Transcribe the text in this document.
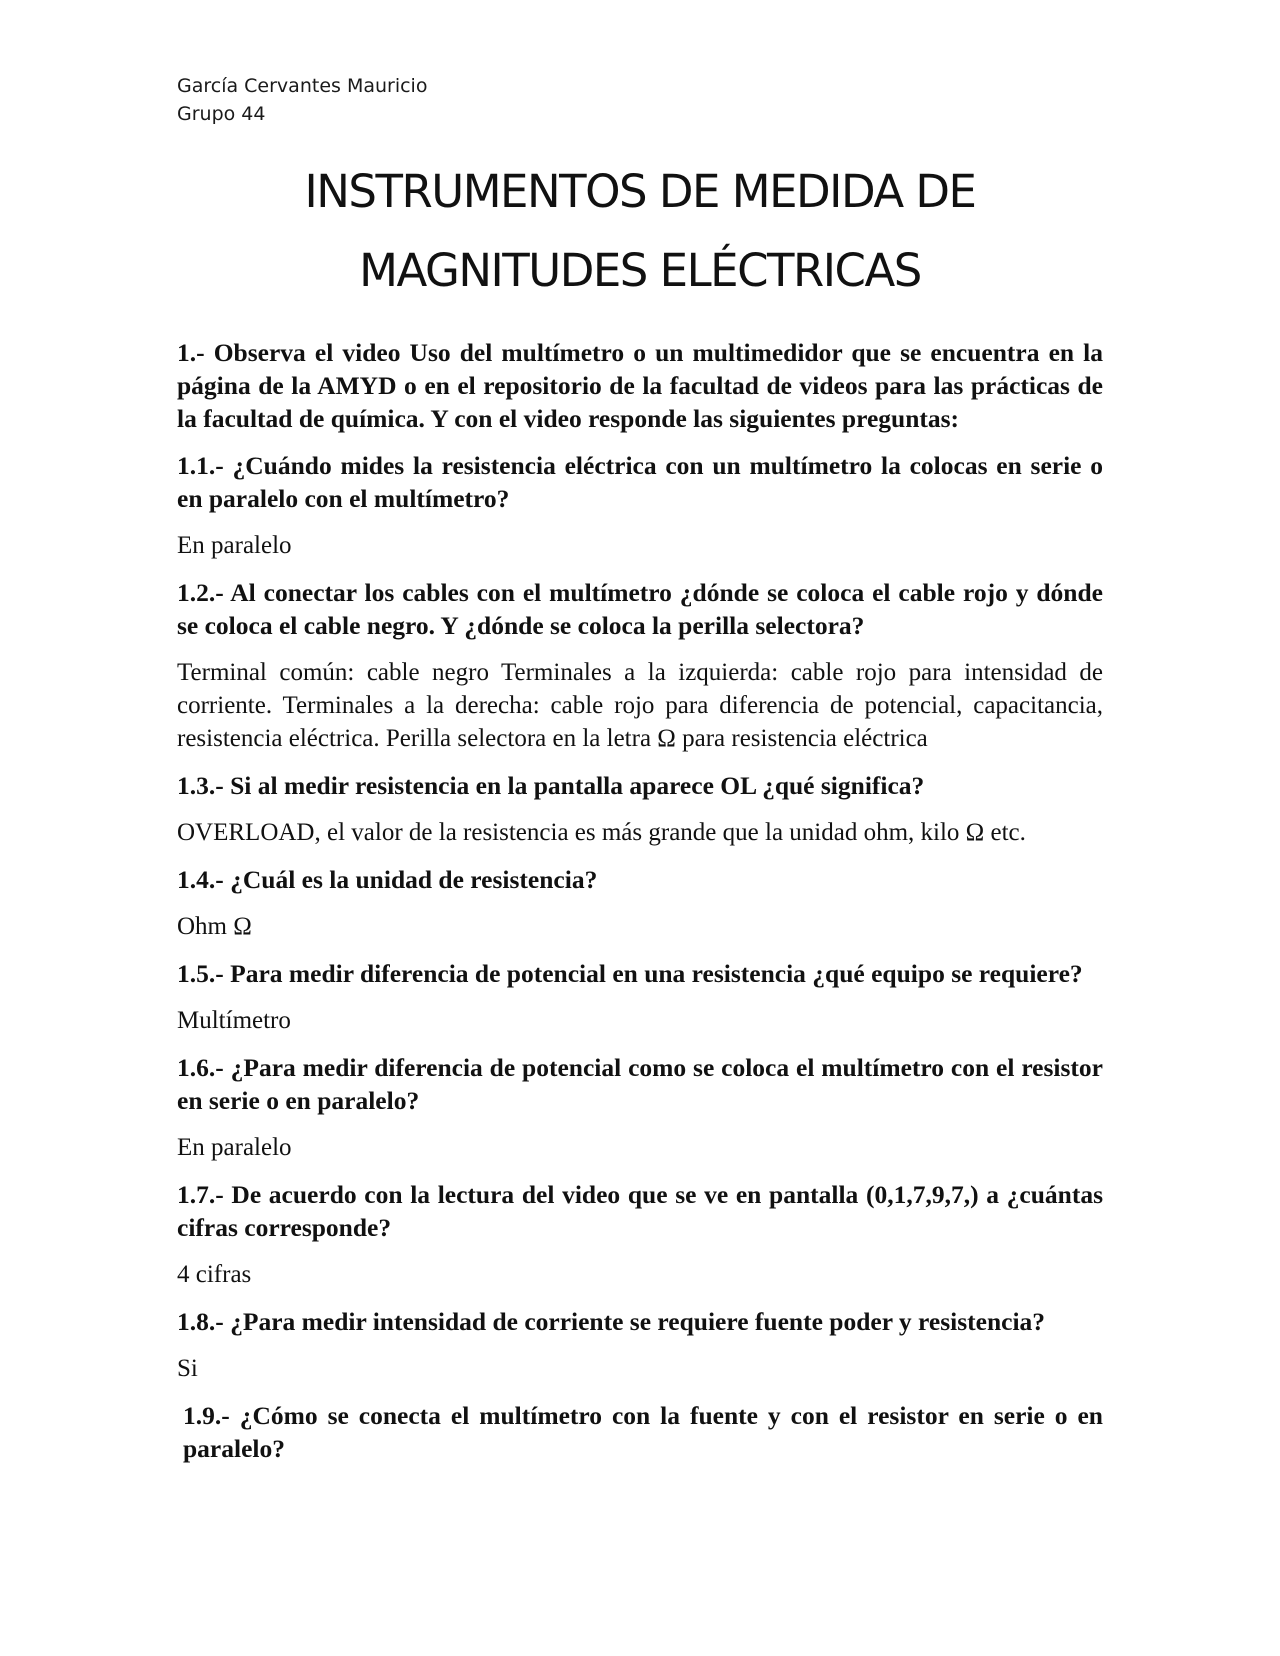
García Cervantes Mauricio
Grupo 44
INSTRUMENTOS DE MEDIDA DE
MAGNITUDES ELÉCTRICAS

1.- Observa el video Uso del multímetro o un multimedidor que se encuentra en la página de la AMYD o en el repositorio de la facultad de videos para las prácticas de la facultad de química. Y con el video responde las siguientes preguntas:

1.1.- ¿Cuándo mides la resistencia eléctrica con un multímetro la colocas en serie o en paralelo con el multímetro?

En paralelo

1.2.- Al conectar los cables con el multímetro ¿dónde se coloca el cable rojo y dónde se coloca el cable negro. Y ¿dónde se coloca la perilla selectora?

Terminal común: cable negro Terminales a la izquierda: cable rojo para intensidad de corriente. Terminales a la derecha: cable rojo para diferencia de potencial, capacitancia, resistencia eléctrica. Perilla selectora en la letra Ω para resistencia eléctrica

1.3.- Si al medir resistencia en la pantalla aparece OL ¿qué significa?

OVERLOAD, el valor de la resistencia es más grande que la unidad ohm, kilo Ω etc.

1.4.- ¿Cuál es la unidad de resistencia?

Ohm Ω

1.5.- Para medir diferencia de potencial en una resistencia ¿qué equipo se requiere?

Multímetro

1.6.- ¿Para medir diferencia de potencial como se coloca el multímetro con el resistor en serie o en paralelo?

En paralelo

1.7.- De acuerdo con la lectura del video que se ve en pantalla (0,1,7,9,7,) a ¿cuántas cifras corresponde?

4 cifras

1.8.- ¿Para medir intensidad de corriente se requiere fuente poder y resistencia?

Si

1.9.- ¿Cómo se conecta el multímetro con la fuente y con el resistor en serie o en paralelo?
